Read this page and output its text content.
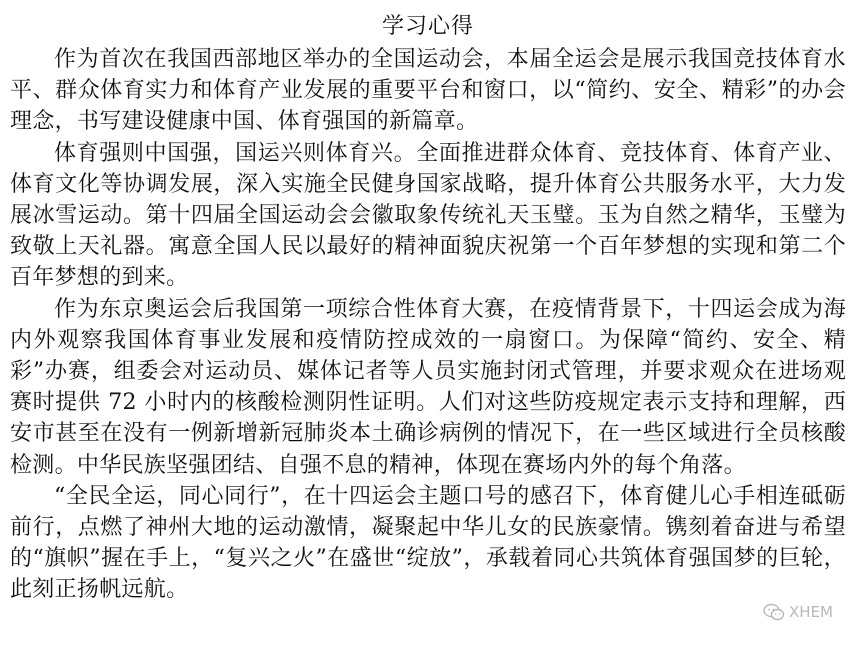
学习心得

作为首次在我国西部地区举办的全国运动会，本届全运会是展示我国竞技体育水平、群众体育实力和体育产业发展的重要平台和窗口，以“简约、安全、精彩”的办会理念，书写建设健康中国、体育强国的新篇章。

体育强则中国强，国运兴则体育兴。全面推进群众体育、竞技体育、体育产业、体育文化等协调发展，深入实施全民健身国家战略，提升体育公共服务水平，大力发展冰雪运动。第十四届全国运动会会徽取象传统礼天玉璧。玉为自然之精华，玉璧为致敬上天礼器。寓意全国人民以最好的精神面貌庆祝第一个百年梦想的实现和第二个百年梦想的到来。

作为东京奥运会后我国第一项综合性体育大赛，在疫情背景下，十四运会成为海内外观察我国体育事业发展和疫情防控成效的一扇窗口。为保障“简约、安全、精彩”办赛，组委会对运动员、媒体记者等人员实施封闭式管理，并要求观众在进场观赛时提供 72 小时内的核酸检测阴性证明。人们对这些防疫规定表示支持和理解，西安市甚至在没有一例新增新冠肺炎本土确诊病例的情况下，在一些区域进行全员核酸检测。中华民族坚强团结、自强不息的精神，体现在赛场内外的每个角落。

“全民全运，同心同行”，在十四运会主题口号的感召下，体育健儿心手相连砥砺前行，点燃了神州大地的运动激情，凝聚起中华儿女的民族豪情。镌刻着奋进与希望的“旗帜”握在手上，“复兴之火”在盛世“绽放”，承载着同心共筑体育强国梦的巨轮，此刻正扬帆远航。

XHEM
